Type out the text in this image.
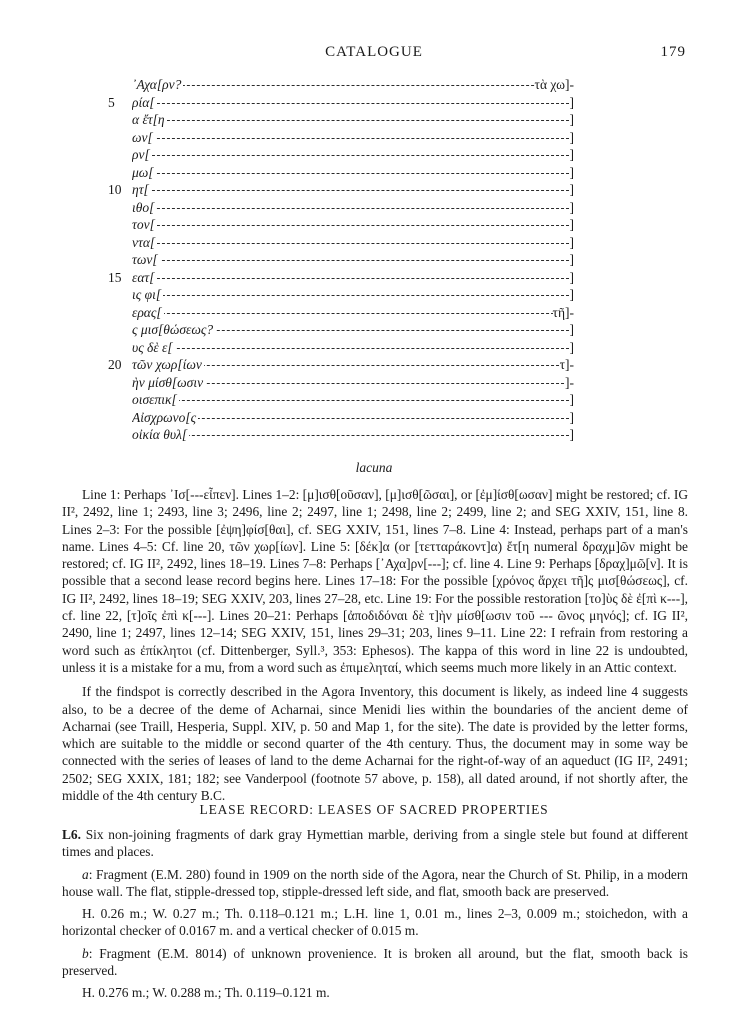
CATALOGUE	179
᾿Αχα[ρν?	τὰ χω]-
5	ρία[	]
α ἔτ[η	]
ων[	]
ρν[	]
μω[	]
10 ητ[	]
ιθο[	]
τον[	]
ντα[	]
των[	]
15 εατ[	]
ις φι[	]
ερας[	τῆ]-
ς μισ[θώσεως?	]
υς δὲ ε[	]
20 τῶν χωρ[ίων	τ]-
ὴν μίσθ[ωσιν	]-
οισεπικ[	]
Αἰσχρωνο[ς	]
οἰκία θυλ[	]
lacuna

Line 1: Perhaps ᾿Ισ[---εἶπεν]. Lines 1–2: [μ]ισθ[οῦσαν], [μ]ισθ[ῶσαι], or [ἐμ]ίσθ[ωσαν] might be restored; cf. IG II², 2492, line 1; 2493, line 3; 2496, line 2; 2497, line 1; 2498, line 2; 2499, line 2; and SEG XXIV, 151, line 8. Lines 2–3: For the possible [ἐψη]φίσ[θαι], cf. SEG XXIV, 151, lines 7–8. Line 4: Instead, perhaps part of a man's name. Lines 4–5: Cf. line 20, τῶν χωρ[ίων]. Line 5: [δέκ]α (or [τετταράκοντ]α) ἔτ[η numeral δραχμ]ῶν might be restored; cf. IG II², 2492, lines 18–19. Lines 7–8: Perhaps [᾿Αχα]ρν[---]; cf. line 4. Line 9: Perhaps [δραχ]μῶ[ν]. It is possible that a second lease record begins here. Lines 17–18: For the possible [χρόνος ἄρχει τῆ]ς μισ[θώσεως], cf. IG II², 2492, lines 18–19; SEG XXIV, 203, lines 27–28, etc. Line 19: For the possible restoration [το]ὺς δὲ ἐ[πὶ κ---], cf. line 22, [τ]οῖς ἐπὶ κ[---]. Lines 20–21: Perhaps [ἀποδιδόναι δὲ τ]ὴν μίσθ[ωσιν τοῦ --- ῶνος μηνός]; cf. IG II², 2490, line 1; 2497, lines 12–14; SEG XXIV, 151, lines 29–31; 203, lines 9–11. Line 22: I refrain from restoring a word such as ἐπίκλητοι (cf. Dittenberger, Syll.³, 353: Ephesos). The kappa of this word in line 22 is undoubted, unless it is a mistake for a mu, from a word such as ἐπιμεληταί, which seems much more likely in an Attic context.

If the findspot is correctly described in the Agora Inventory, this document is likely, as indeed line 4 suggests also, to be a decree of the deme of Acharnai, since Menidi lies within the boundaries of the ancient deme of Acharnai (see Traill, Hesperia, Suppl. XIV, p. 50 and Map 1, for the site). The date is provided by the letter forms, which are suitable to the middle or second quarter of the 4th century. Thus, the document may in some way be connected with the series of leases of land to the deme Acharnai for the right-of-way of an aqueduct (IG II², 2491; 2502; SEG XXIX, 181; 182; see Vanderpool (footnote 57 above, p. 158), all dated around, if not shortly after, the middle of the 4th century B.C.

LEASE RECORD: LEASES OF SACRED PROPERTIES

L6. Six non-joining fragments of dark gray Hymettian marble, deriving from a single stele but found at different times and places.

a: Fragment (E.M. 280) found in 1909 on the north side of the Agora, near the Church of St. Philip, in a modern house wall. The flat, stipple-dressed top, stipple-dressed left side, and flat, smooth back are preserved.

H. 0.26 m.; W. 0.27 m.; Th. 0.118–0.121 m.; L.H. line 1, 0.01 m., lines 2–3, 0.009 m.; stoichedon, with a horizontal checker of 0.0167 m. and a vertical checker of 0.015 m.

b: Fragment (E.M. 8014) of unknown provenience. It is broken all around, but the flat, smooth back is preserved.

H. 0.276 m.; W. 0.288 m.; Th. 0.119–0.121 m.
